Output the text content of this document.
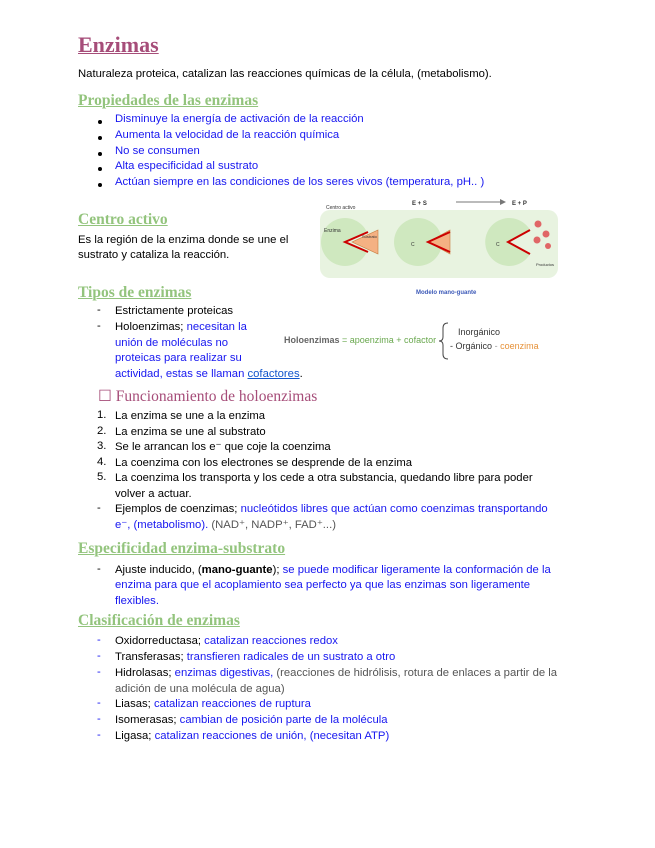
Enzimas
Naturaleza proteica, catalizan las reacciones químicas de la célula, (metabolismo).
Propiedades de las enzimas
Disminuye la energía de activación de la reacción
Aumenta la velocidad de la reacción química
No se consumen
Alta especificidad al sustrato
Actúan siempre en las condiciones de los seres vivos (temperatura, pH.. )
Centro activo
Es la región de la enzima donde se une el
sustrato y cataliza la reacción.
Centro activo
E + S	E + P
Enzima
Sustrato
C	C
Productos
Modelo mano-guante
Tipos de enzimas
-	Estrictamente proteicas
-	Holoenzimas; necesitan la
unión de moléculas no
proteicas para realizar su
actividad, estas se llaman cofactores.
Holoenzimas = apoenzima + cofactor
Inorgánico
- Orgánico - coenzima
☐ Funcionamiento de holoenzimas
1. La enzima se une a la enzima
2. La enzima se une al substrato
3. Se le arrancan los e⁻ que coje la coenzima
4. La coenzima con los electrones se desprende de la enzima
5. La coenzima los transporta y los cede a otra substancia, quedando libre para poder
volver a actuar.
-	Ejemplos de coenzimas; nucleótidos libres que actúan como coenzimas transportando
e⁻, (metabolismo). (NAD⁺, NADP⁺, FAD⁺...)
Especificidad enzima-substrato
-	Ajuste inducido, (mano-guante); se puede modificar ligeramente la conformación de la
enzima para que el acoplamiento sea perfecto ya que las enzimas son ligeramente
flexibles.
Clasificación de enzimas
-	Oxidorreductasa; catalizan reacciones redox
-	Transferasas; transfieren radicales de un sustrato a otro
-	Hidrolasas; enzimas digestivas, (reacciones de hidrólisis, rotura de enlaces a partir de la
adición de una molécula de agua)
-	Liasas; catalizan reacciones de ruptura
-	Isomerasas; cambian de posición parte de la molécula
-	Ligasa; catalizan reacciones de unión, (necesitan ATP)
